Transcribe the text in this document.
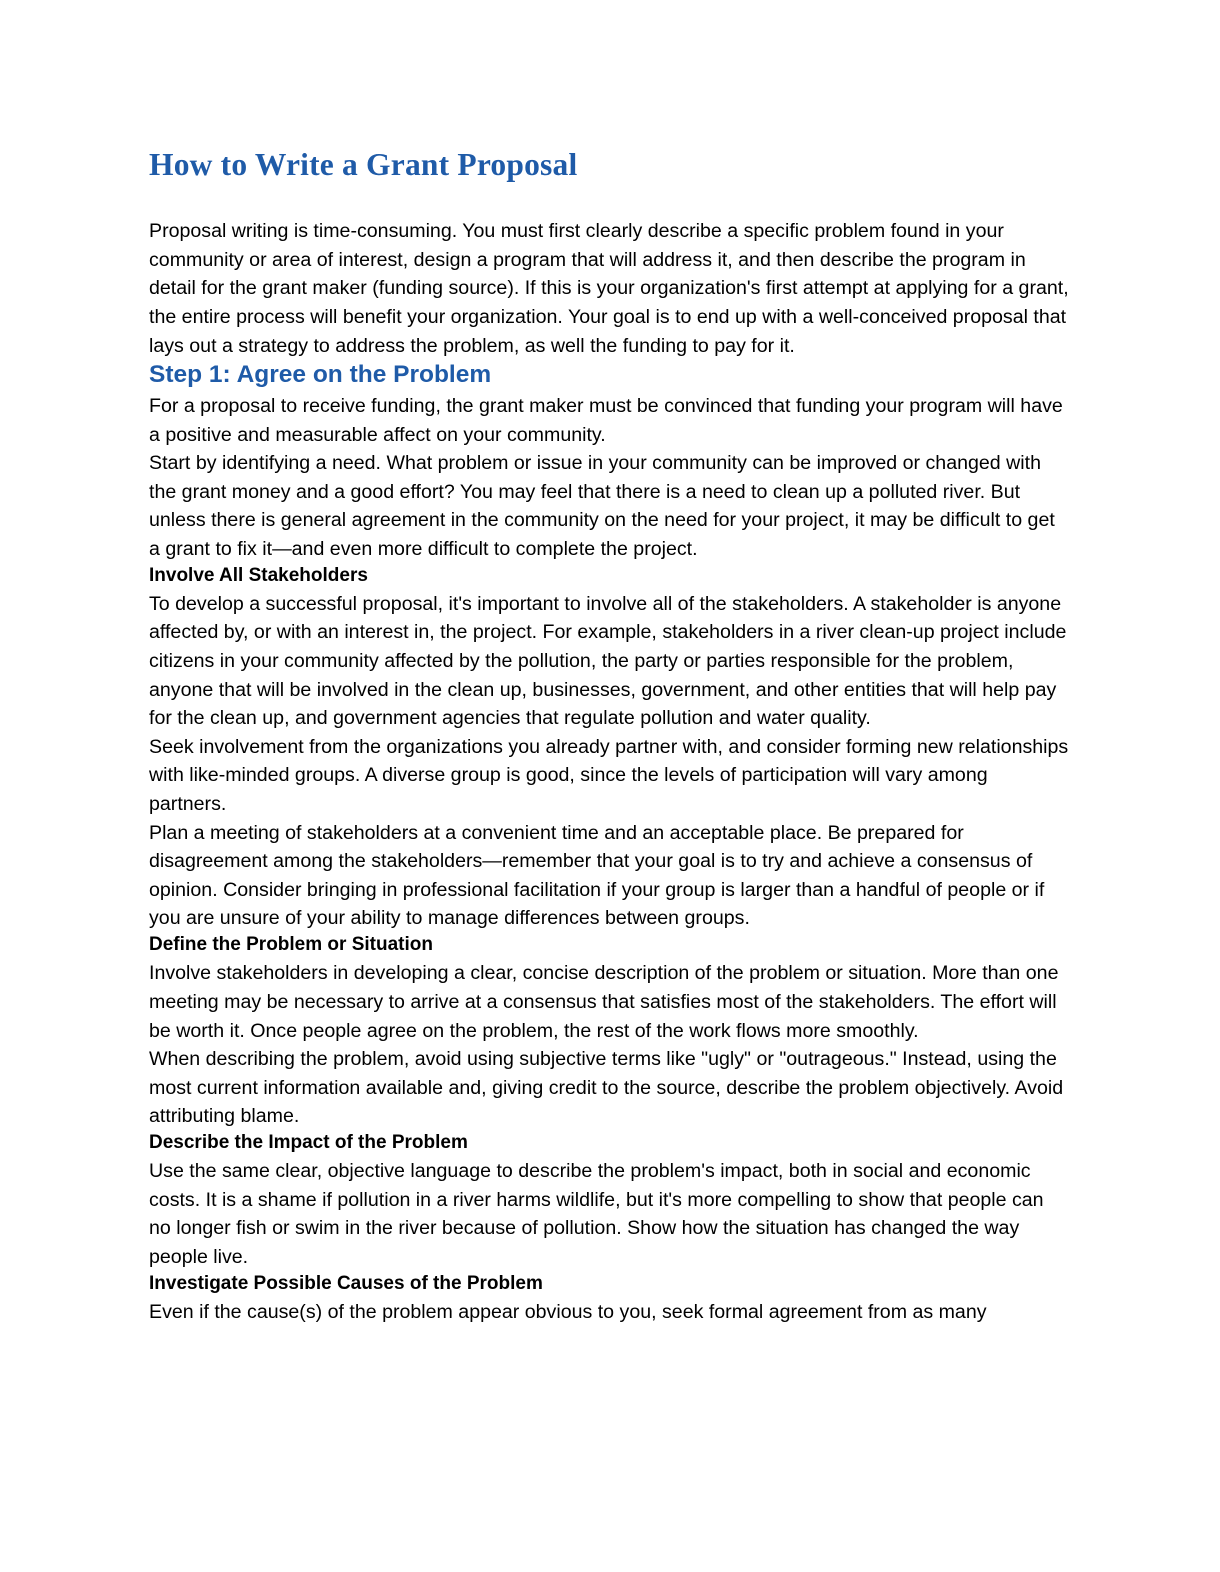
How to Write a Grant Proposal

Proposal writing is time-consuming. You must first clearly describe a specific problem found in your community or area of interest, design a program that will address it, and then describe the program in detail for the grant maker (funding source). If this is your organization's first attempt at applying for a grant, the entire process will benefit your organization. Your goal is to end up with a well-conceived proposal that lays out a strategy to address the problem, as well the funding to pay for it.

Step 1: Agree on the Problem

For a proposal to receive funding, the grant maker must be convinced that funding your program will have a positive and measurable affect on your community.

Start by identifying a need. What problem or issue in your community can be improved or changed with the grant money and a good effort? You may feel that there is a need to clean up a polluted river. But unless there is general agreement in the community on the need for your project, it may be difficult to get a grant to fix it—and even more difficult to complete the project.

Involve All Stakeholders

To develop a successful proposal, it's important to involve all of the stakeholders. A stakeholder is anyone affected by, or with an interest in, the project. For example, stakeholders in a river clean-up project include citizens in your community affected by the pollution, the party or parties responsible for the problem, anyone that will be involved in the clean up, businesses, government, and other entities that will help pay for the clean up, and government agencies that regulate pollution and water quality.

Seek involvement from the organizations you already partner with, and consider forming new relationships with like-minded groups. A diverse group is good, since the levels of participation will vary among partners.

Plan a meeting of stakeholders at a convenient time and an acceptable place. Be prepared for disagreement among the stakeholders—remember that your goal is to try and achieve a consensus of opinion. Consider bringing in professional facilitation if your group is larger than a handful of people or if you are unsure of your ability to manage differences between groups.

Define the Problem or Situation

Involve stakeholders in developing a clear, concise description of the problem or situation. More than one meeting may be necessary to arrive at a consensus that satisfies most of the stakeholders. The effort will be worth it. Once people agree on the problem, the rest of the work flows more smoothly.

When describing the problem, avoid using subjective terms like "ugly" or "outrageous." Instead, using the most current information available and, giving credit to the source, describe the problem objectively. Avoid attributing blame.

Describe the Impact of the Problem

Use the same clear, objective language to describe the problem's impact, both in social and economic costs. It is a shame if pollution in a river harms wildlife, but it's more compelling to show that people can no longer fish or swim in the river because of pollution. Show how the situation has changed the way people live.

Investigate Possible Causes of the Problem

Even if the cause(s) of the problem appear obvious to you, seek formal agreement from as many
